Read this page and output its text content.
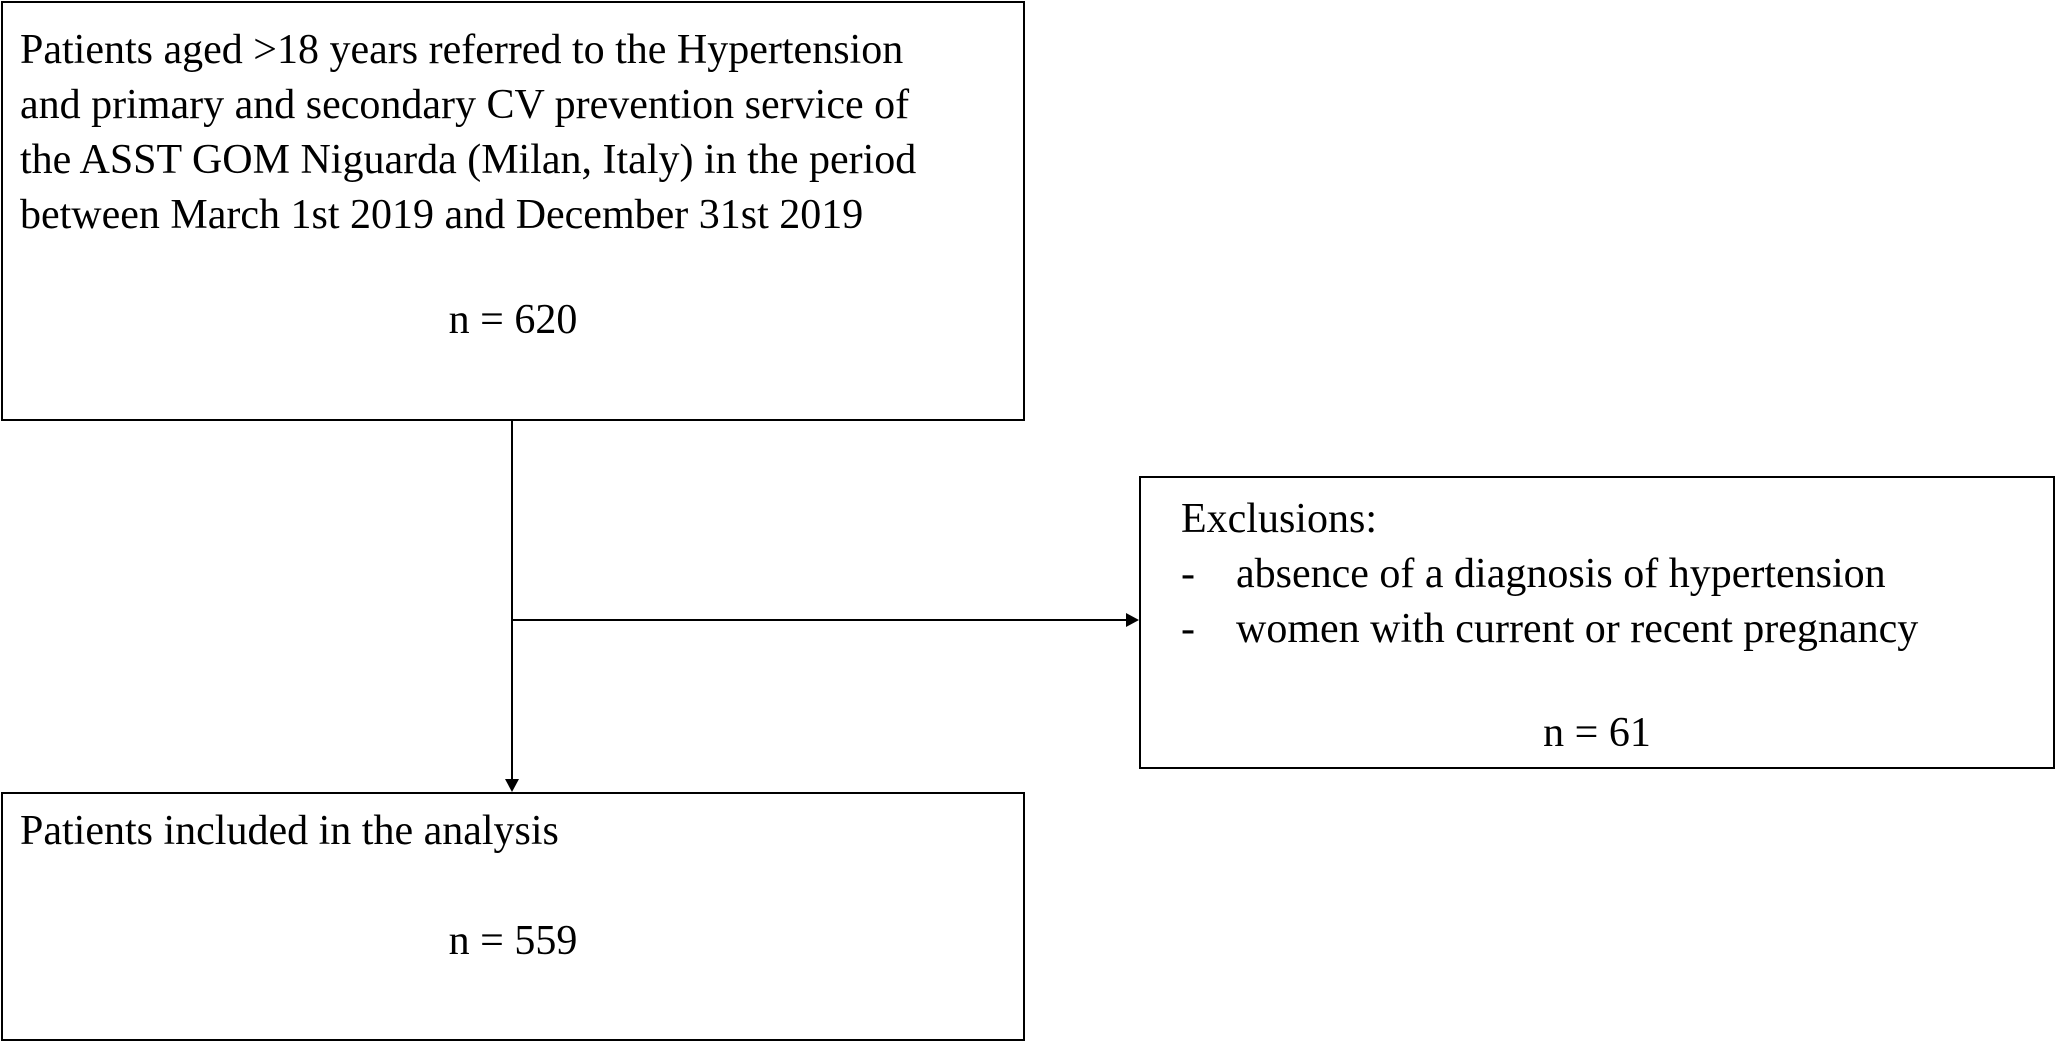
Patients aged >18 years referred to the Hypertension
and primary and secondary CV prevention service of
the ASST GOM Niguarda (Milan, Italy) in the period
between March 1st 2019 and December 31st 2019
n = 620
Exclusions:
- absence of a diagnosis of hypertension
- women with current or recent pregnancy
n = 61
Patients included in the analysis
n = 559
